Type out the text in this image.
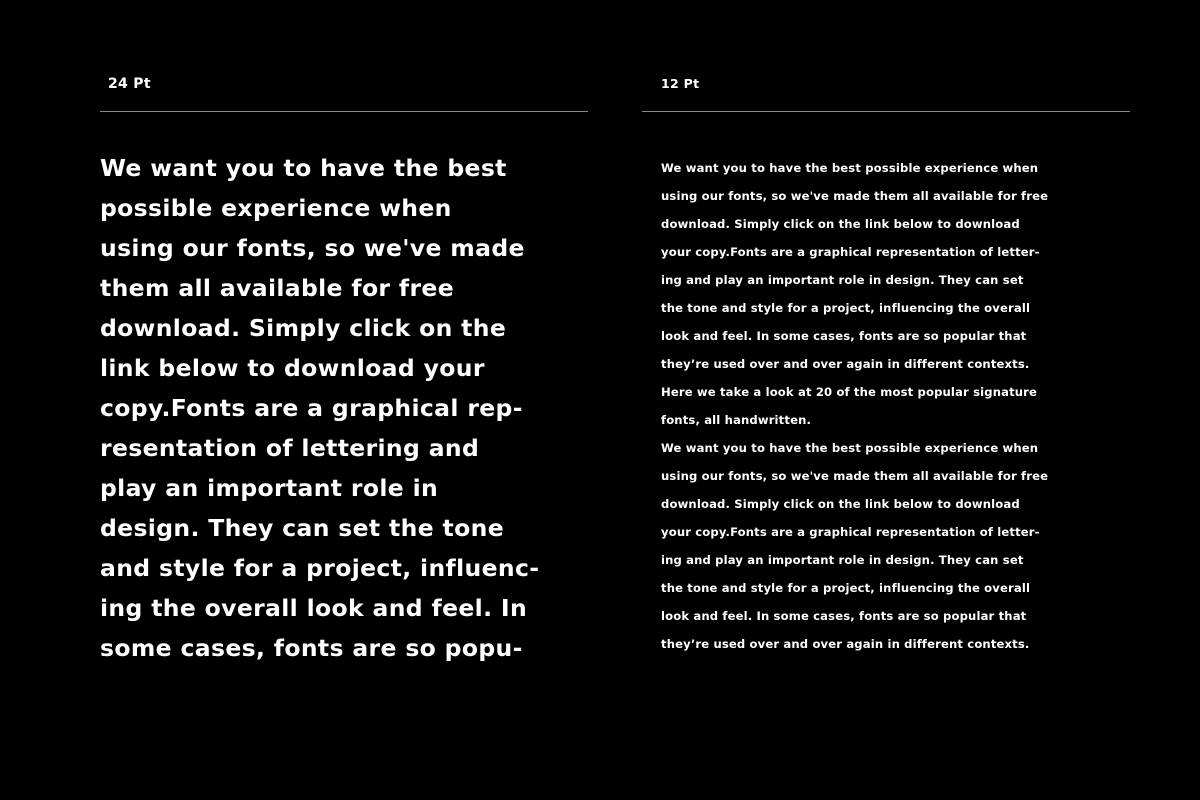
24 Pt
We want you to have the best
possible experience when
using our fonts, so we've made
them all available for free
download. Simply click on the
link below to download your
copy.Fonts are a graphical rep-
resentation of lettering and
play an important role in
design. They can set the tone
and style for a project, influenc-
ing the overall look and feel. In
some cases, fonts are so popu-
12 Pt
We want you to have the best possible experience when
using our fonts, so we've made them all available for free
download. Simply click on the link below to download
your copy.Fonts are a graphical representation of letter-
ing and play an important role in design. They can set
the tone and style for a project, influencing the overall
look and feel. In some cases, fonts are so popular that
they’re used over and over again in different contexts.
Here we take a look at 20 of the most popular signature
fonts, all handwritten.
We want you to have the best possible experience when
using our fonts, so we've made them all available for free
download. Simply click on the link below to download
your copy.Fonts are a graphical representation of letter-
ing and play an important role in design. They can set
the tone and style for a project, influencing the overall
look and feel. In some cases, fonts are so popular that
they’re used over and over again in different contexts.
